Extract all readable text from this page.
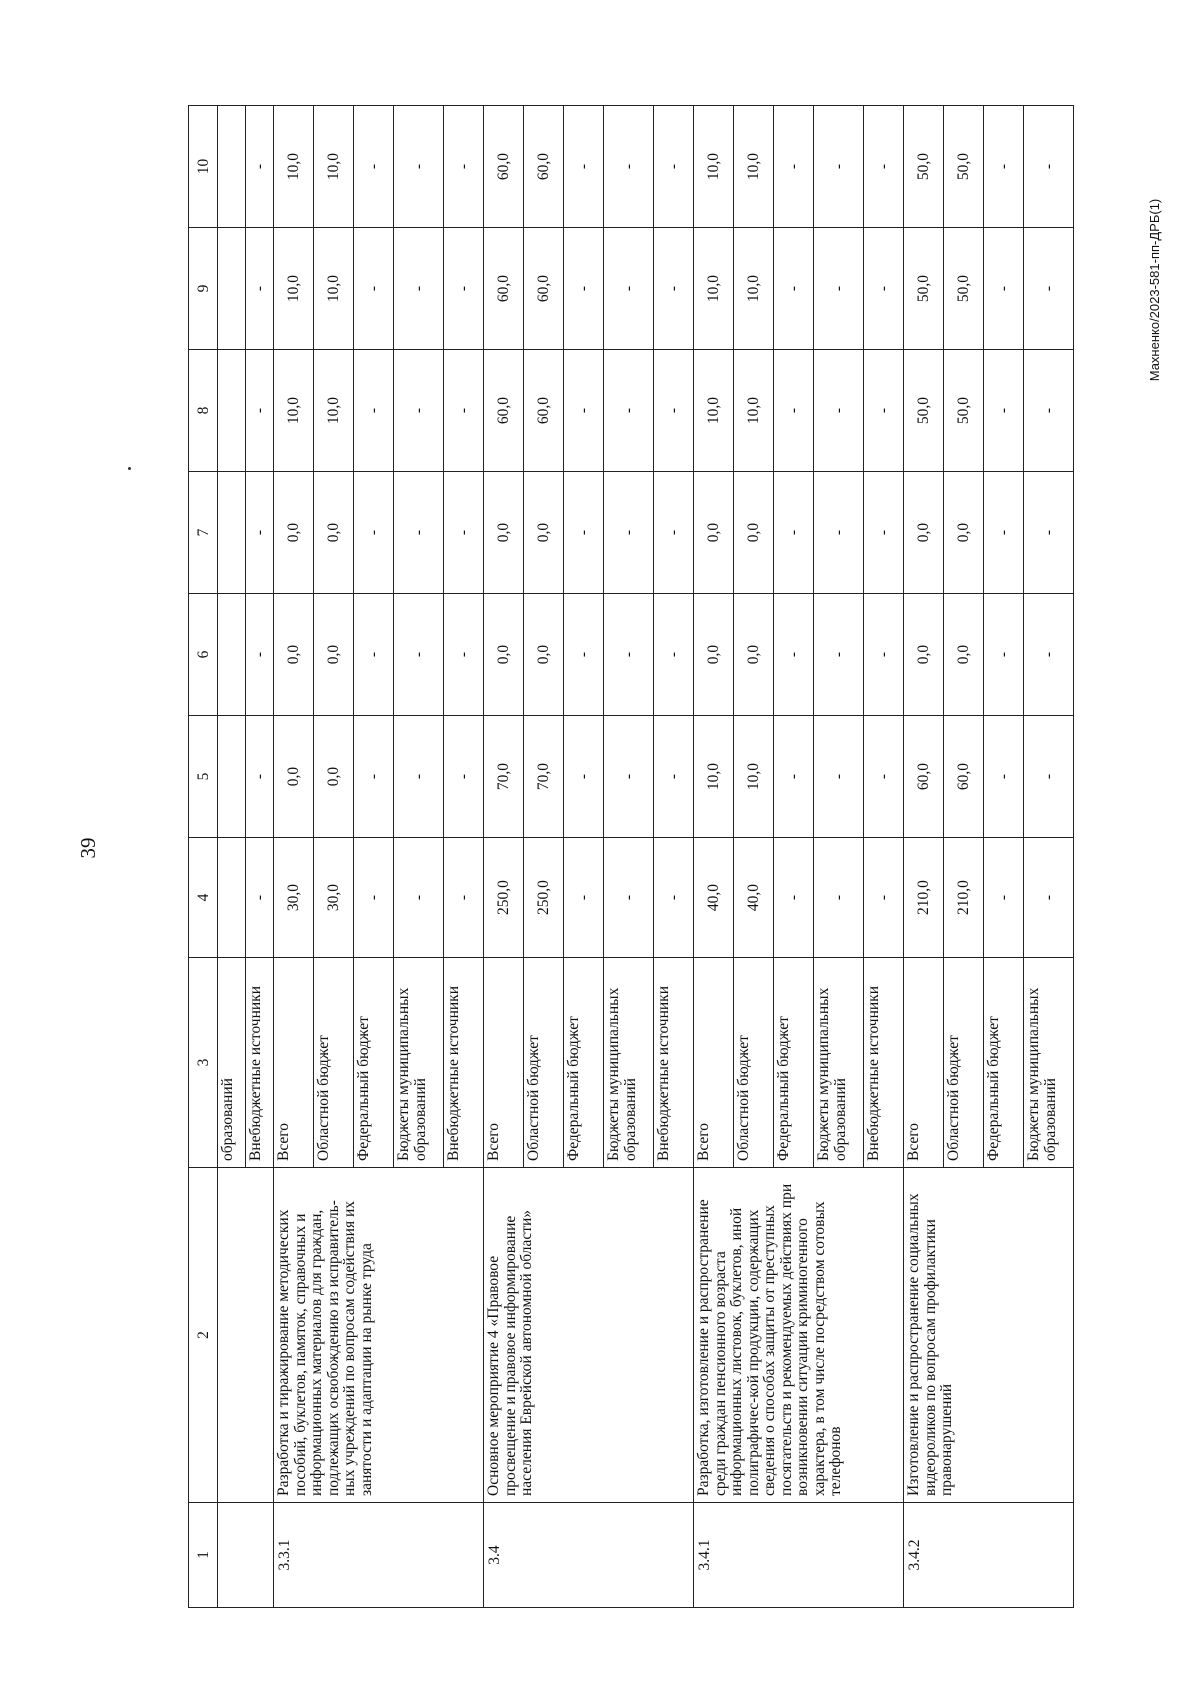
39
Махненко/2023-581-пп-ДРБ(1)
1	2	3	4	5	6	7	8	9	10
		образований							
		Внебюджетные источники	-	-	-	-	-	-	-
3.3.1	Разработка и тиражирование методических пособий, буклетов, памяток, справочных и информационных материалов для граждан, подлежащих освобождению из исправитель-ных учреждений по вопросам содействия их занятости и адаптации на рынке труда	Всего	30,0	0,0	0,0	0,0	10,0	10,0	10,0
		Областной бюджет	30,0	0,0	0,0	0,0	10,0	10,0	10,0
		Федеральный бюджет	-	-	-	-	-	-	-
		Бюджеты муниципальных образований	-	-	-	-	-	-	-
		Внебюджетные источники	-	-	-	-	-	-	-
3.4	Основное мероприятие 4 «Правовое просвещение и правовое информирование населения Еврейской автономной области»	Всего	250,0	70,0	0,0	0,0	60,0	60,0	60,0
		Областной бюджет	250,0	70,0	0,0	0,0	60,0	60,0	60,0
		Федеральный бюджет	-	-	-	-	-	-	-
		Бюджеты муниципальных образований	-	-	-	-	-	-	-
		Внебюджетные источники	-	-	-	-	-	-	-
3.4.1	Разработка, изготовление и распространение среди граждан пенсионного возраста информационных листовок, буклетов, иной полиграфичес-кой продукции, содержащих сведения о способах защиты от преступных посягательств и рекомендуемых действиях при возникновении ситуации криминогенного характера, в том числе посредством сотовых телефонов	Всего	40,0	10,0	0,0	0,0	10,0	10,0	10,0
		Областной бюджет	40,0	10,0	0,0	0,0	10,0	10,0	10,0
		Федеральный бюджет	-	-	-	-	-	-	-
		Бюджеты муниципальных образований	-	-	-	-	-	-	-
		Внебюджетные источники	-	-	-	-	-	-	-
3.4.2	Изготовление и распространение социальных видеороликов по вопросам профилактики правонарушений	Всего	210,0	60,0	0,0	0,0	50,0	50,0	50,0
		Областной бюджет	210,0	60,0	0,0	0,0	50,0	50,0	50,0
		Федеральный бюджет	-	-	-	-	-	-	-
		Бюджеты муниципальных образований	-	-	-	-	-	-	-
